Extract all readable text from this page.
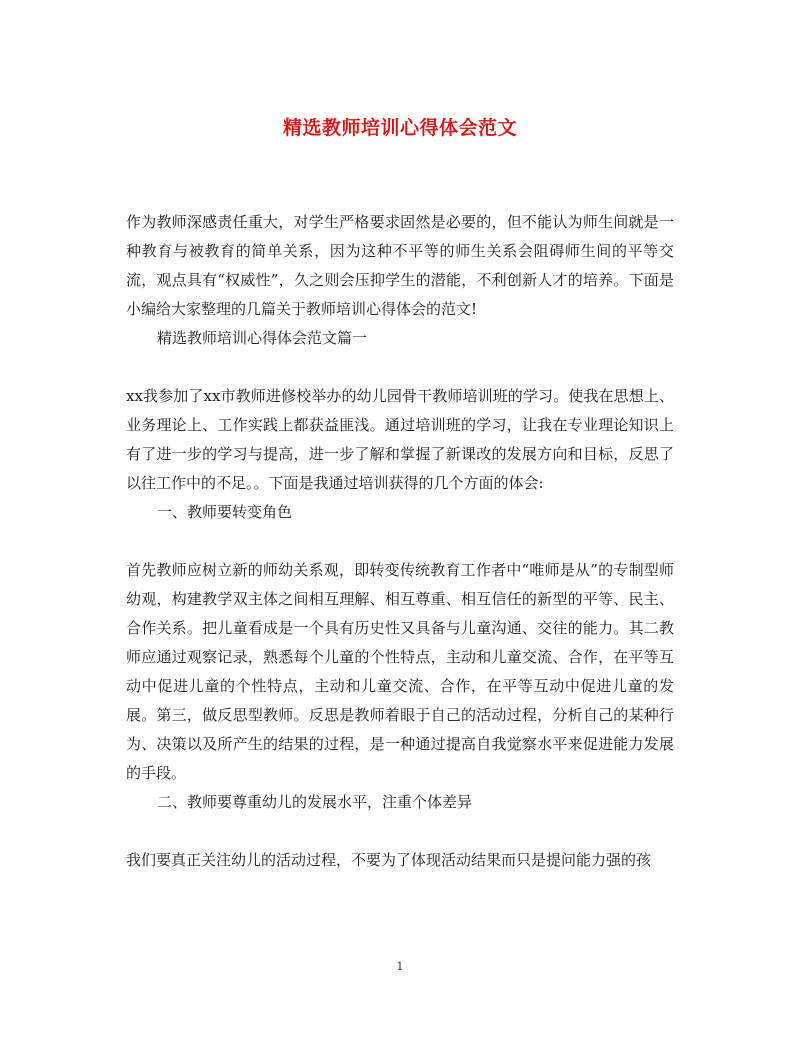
精选教师培训心得体会范文

作为教师深感责任重大，对学生严格要求固然是必要的，但不能认为师生间就是一种教育与被教育的简单关系，因为这种不平等的师生关系会阻碍师生间的平等交流，观点具有“权威性”，久之则会压抑学生的潜能，不利创新人才的培养。下面是小编给大家整理的几篇关于教师培训心得体会的范文!

精选教师培训心得体会范文篇一

xx我参加了xx市教师进修校举办的幼儿园骨干教师培训班的学习。使我在思想上、业务理论上、工作实践上都获益匪浅。通过培训班的学习，让我在专业理论知识上有了进一步的学习与提高，进一步了解和掌握了新课改的发展方向和目标，反思了以往工作中的不足。。下面是我通过培训获得的几个方面的体会:

一、教师要转变角色

首先教师应树立新的师幼关系观，即转变传统教育工作者中“唯师是从”的专制型师幼观，构建教学双主体之间相互理解、相互尊重、相互信任的新型的平等、民主、合作关系。把儿童看成是一个具有历史性又具备与儿童沟通、交往的能力。其二教师应通过观察记录，熟悉每个儿童的个性特点，主动和儿童交流、合作，在平等互动中促进儿童的个性特点，主动和儿童交流、合作，在平等互动中促进儿童的发展。第三，做反思型教师。反思是教师着眼于自己的活动过程，分析自己的某种行为、决策以及所产生的结果的过程，是一种通过提高自我觉察水平来促进能力发展的手段。

二、教师要尊重幼儿的发展水平，注重个体差异

我们要真正关注幼儿的活动过程，不要为了体现活动结果而只是提问能力强的孩

1
